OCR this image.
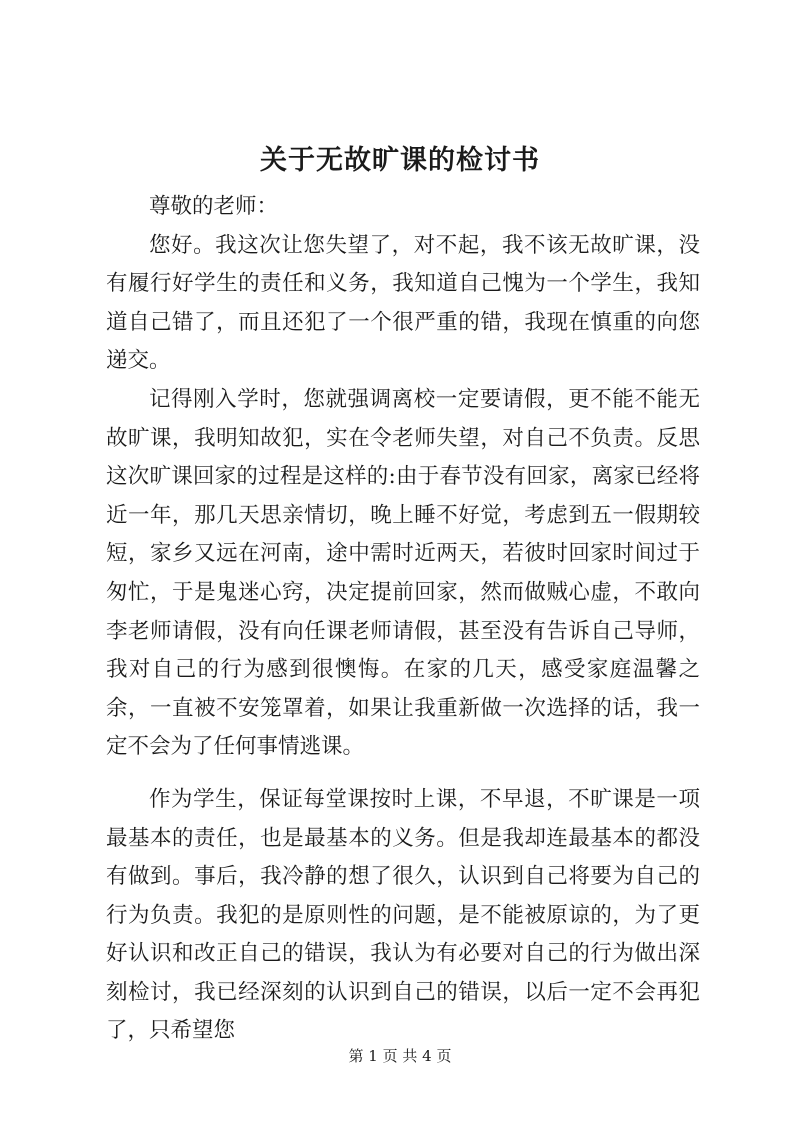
关于无故旷课的检讨书

尊敬的老师：

您好。我这次让您失望了，对不起，我不该无故旷课，没有履行好学生的责任和义务，我知道自己愧为一个学生，我知道自己错了，而且还犯了一个很严重的错，我现在慎重的向您递交。

记得刚入学时，您就强调离校一定要请假，更不能不能无故旷课，我明知故犯，实在令老师失望，对自己不负责。反思这次旷课回家的过程是这样的:由于春节没有回家，离家已经将近一年，那几天思亲情切，晚上睡不好觉，考虑到五一假期较短，家乡又远在河南，途中需时近两天，若彼时回家时间过于匆忙，于是鬼迷心窍，决定提前回家，然而做贼心虚，不敢向李老师请假，没有向任课老师请假，甚至没有告诉自己导师，我对自己的行为感到很懊悔。在家的几天，感受家庭温馨之余，一直被不安笼罩着，如果让我重新做一次选择的话，我一定不会为了任何事情逃课。

作为学生，保证每堂课按时上课，不早退，不旷课是一项最基本的责任，也是最基本的义务。但是我却连最基本的都没有做到。事后，我冷静的想了很久，认识到自己将要为自己的行为负责。我犯的是原则性的问题，是不能被原谅的，为了更好认识和改正自己的错误，我认为有必要对自己的行为做出深刻检讨，我已经深刻的认识到自己的错误，以后一定不会再犯了，只希望您

第 1 页 共 4 页
